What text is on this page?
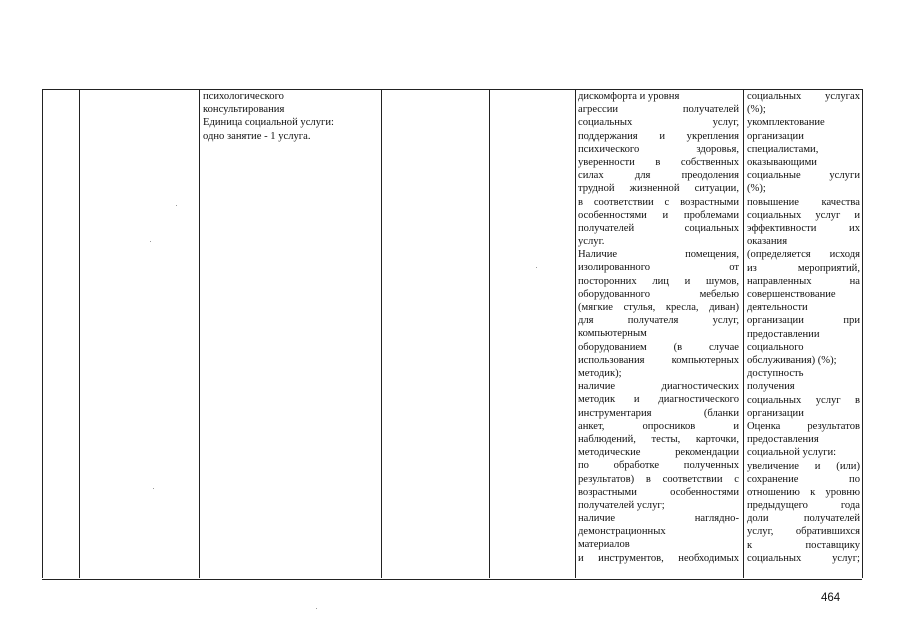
психологического
консультирования
Единица социальной услуги:
одно занятие - 1 услуга.
дискомфорта и уровня
агрессии получателей
социальных услуг,
поддержания и укрепления
психического здоровья,
уверенности в собственных
силах для преодоления
трудной жизненной ситуации,
в соответствии с возрастными
особенностями и проблемами
получателей социальных
услуг.
Наличие помещения,
изолированного от
посторонних лиц и шумов,
оборудованного мебелью
(мягкие стулья, кресла, диван)
для получателя услуг,
компьютерным
оборудованием (в случае
использования компьютерных
методик);
наличие диагностических
методик и диагностического
инструментария (бланки
анкет, опросников и
наблюдений, тесты, карточки,
методические рекомендации
по обработке полученных
результатов) в соответствии с
возрастными особенностями
получателей услуг;
наличие наглядно-
демонстрационных
материалов
и инструментов, необходимых
социальных услугах
(%);
укомплектование
организации
специалистами,
оказывающими
социальные услуги
(%);
повышение качества
социальных услуг и
эффективности их
оказания
(определяется исходя
из мероприятий,
направленных на
совершенствование
деятельности
организации при
предоставлении
социального
обслуживания) (%);
доступность
получения
социальных услуг в
организации
Оценка результатов
предоставления
социальной услуги:
увеличение и (или)
сохранение по
отношению к уровню
предыдущего года
доли получателей
услуг, обратившихся
к поставщику
социальных услуг;
464
